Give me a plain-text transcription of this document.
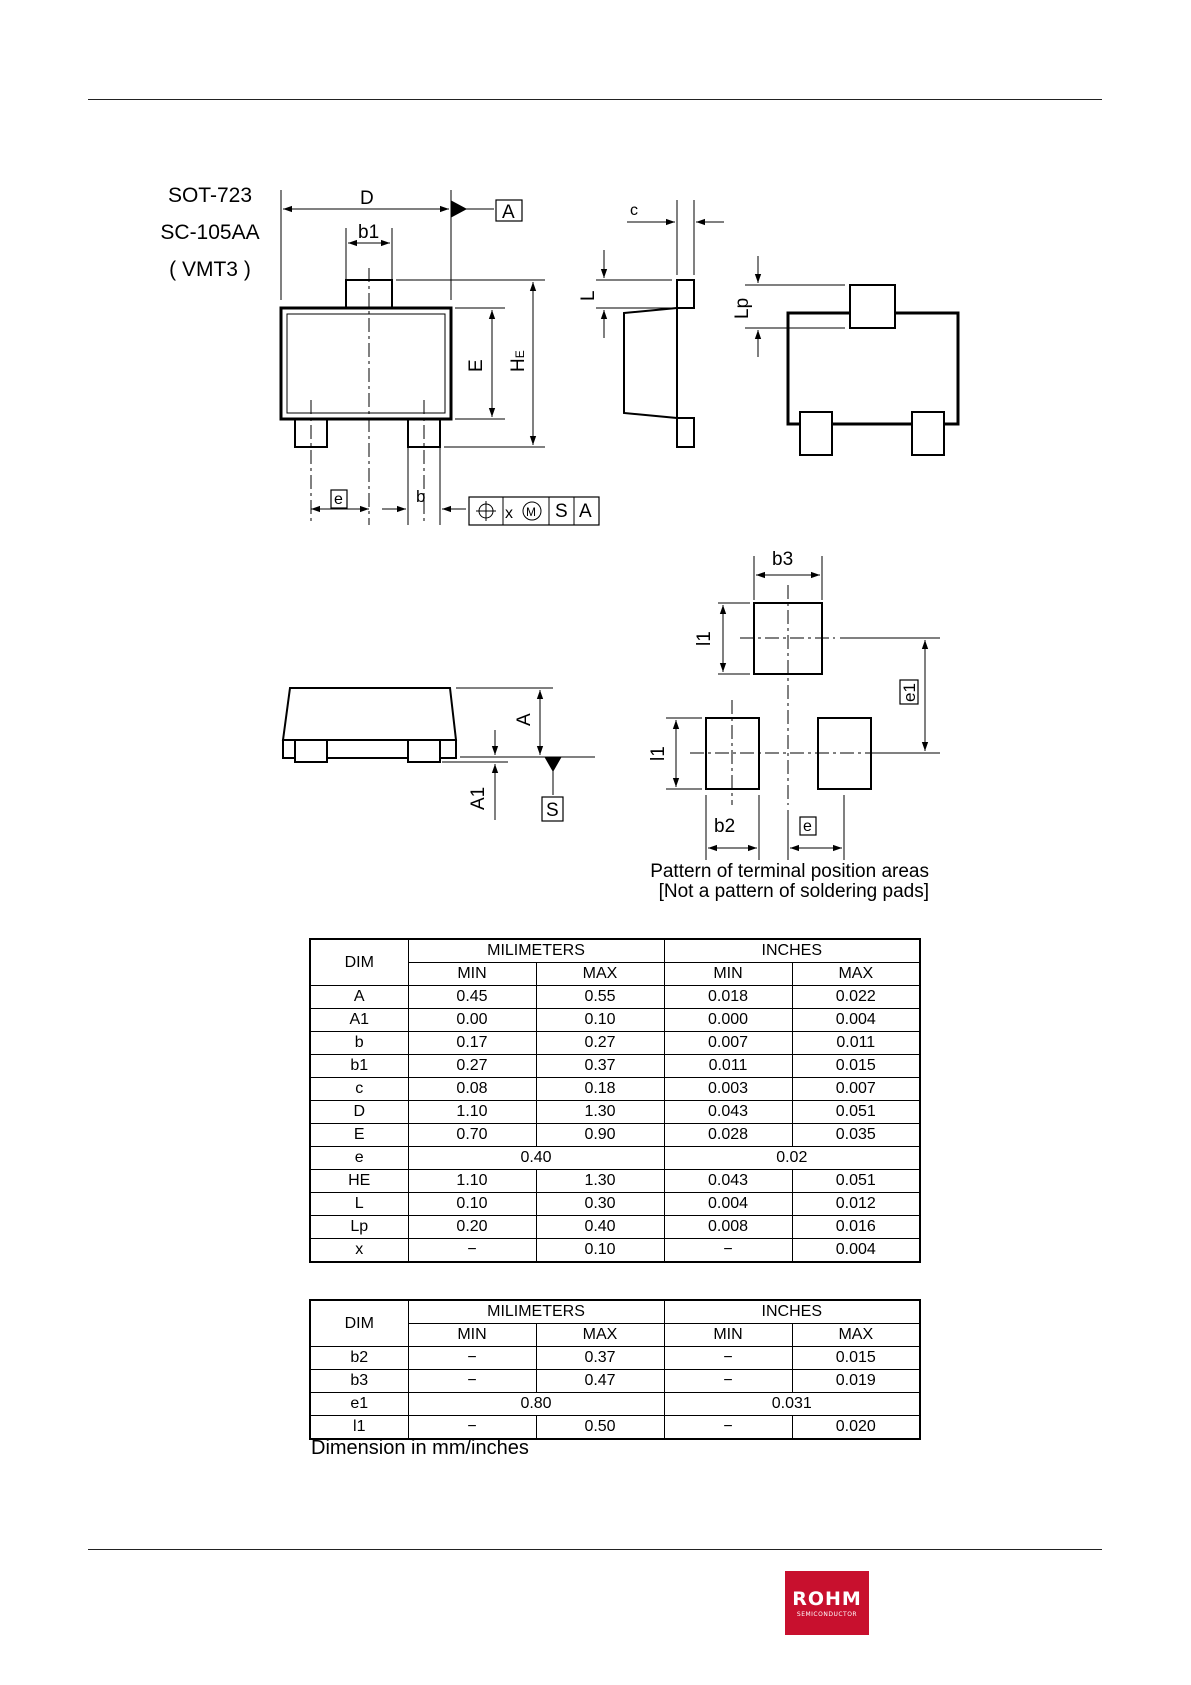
SOT-723
SC-105AA
( VMT3 )
D
A
b1
c
L
Lp
E HE
e	b
x M S A
A
A1
S
b3
l1
l1
e1
b2	e
Pattern of terminal position areas
[Not a pattern of soldering pads]
DIM	MILIMETERS		INCHES	
	MIN	MAX	MIN	MAX
A	0.45	0.55	0.018	0.022
A1	0.00	0.10	0.000	0.004
b	0.17	0.27	0.007	0.011
b1	0.27	0.37	0.011	0.015
c	0.08	0.18	0.003	0.007
D	1.10	1.30	0.043	0.051
E	0.70	0.90	0.028	0.035
e	0.40		0.02	
HE	1.10	1.30	0.043	0.051
L	0.10	0.30	0.004	0.012
Lp	0.20	0.40	0.008	0.016
x	−	0.10	−	0.004
DIM	MILIMETERS		INCHES	
	MIN	MAX	MIN	MAX
b2	−	0.37	−	0.015
b3	−	0.47	−	0.019
e1	0.80		0.031	
l1	−	0.50	−	0.020
Dimension in mm/inches
ROHM
SEMICONDUCTOR
